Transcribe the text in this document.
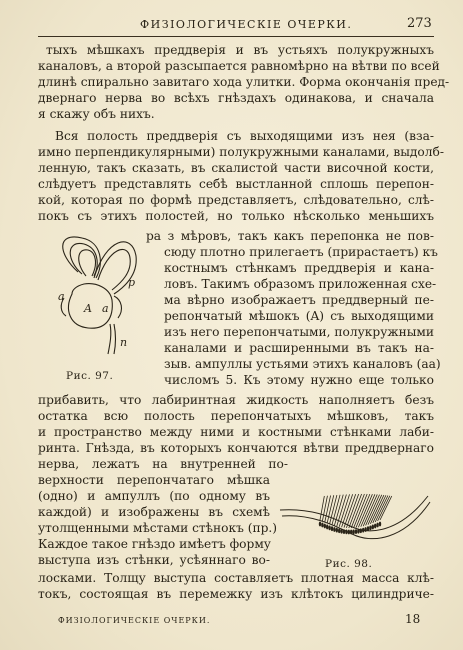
ФИЗІОЛОГИЧЕСКІЕ ОЧЕРКИ.	273
тыхъ мѣшкахъ преддверія и въ устьяхъ полукружныхъ
каналовъ, а второй разсыпается равномѣрно на вѣтви по всей
длинѣ спирально завитаго хода улитки. Форма окончанія пред-
двернаго нерва во всѣхъ гнѣздахъ одинакова, и сначала
я скажу объ нихъ.
Вся полость преддверія съ выходящими изъ нея (вза-
имно перпендикулярными) полукружными каналами, выдолб-
ленную, такъ сказать, въ скалистой части височной кости,
слѣдуетъ представлять себѣ выстланной сплошь перепон-
кой, которая по формѣ представляетъ, слѣдовательно, слѣ-
покъ съ этихъ полостей, но только нѣсколько меньшихъ
ра з мѣровъ, такъ какъ перепонка не пов-
сюду плотно прилегаетъ (прирастаетъ) къ
костнымъ стѣнкамъ преддверія и канa-
ловъ. Такимъ образомъ приложенная схе-
ма вѣрно изображаетъ преддверный пе-
репончатый мѣшокъ (A) съ выходящими
изъ него перепончатыми, полукружными
каналами и расширенными въ такъ на-
зыв. ампуллы устьями этихъ каналовъ (aa)
числомъ 5. Къ этому нужно еще только
прибавить, что лабиринтная жидкость наполняетъ безъ
остатка всю полость перепончатыхъ мѣшковъ, такъ
и пространство между ними и костными стѣнками лаби-
ринта. Гнѣзда, въ которыхъ кончаются вѣтви преддвернаго
нерва, лежатъ на внутренней по-
верхности перепончатаго мѣшка
(одно) и ампуллъ (по одному въ
каждой) и изображены въ схемѣ
утолщенными мѣстами стѣнокъ (пр.)
Каждое такое гнѣздо имѣетъ форму
выступа изъ стѣнки, усѣяннаго во-
лосками. Толщу выступа составляетъ плотная масса клѣ-
токъ, состоящая въ перемежку изъ клѣтокъ цилиндриче-
a
A a
p
n
Рис. 97.
Рис. 98.
ФИЗІОЛОГИЧЕСКІЕ ОЧЕРКИ.	18
